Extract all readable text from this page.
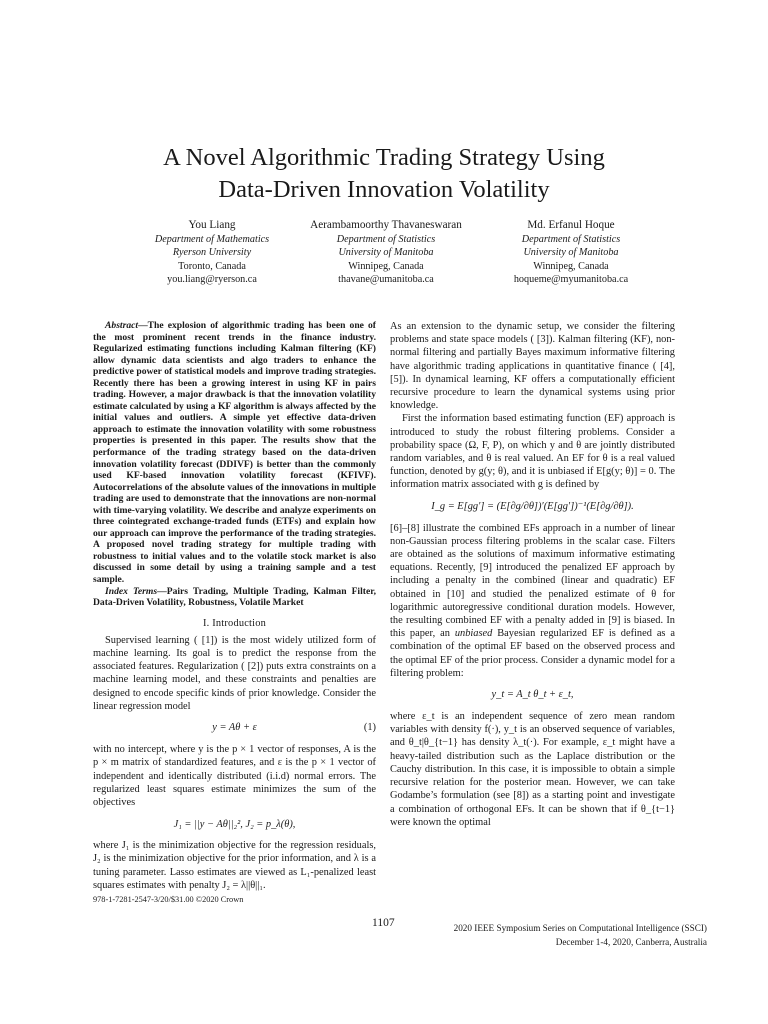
A Novel Algorithmic Trading Strategy Using
Data-Driven Innovation Volatility
You Liang
Department of Mathematics
Ryerson University
Toronto, Canada
you.liang@ryerson.ca
Aerambamoorthy Thavaneswaran
Department of Statistics
University of Manitoba
Winnipeg, Canada
thavane@umanitoba.ca
Md. Erfanul Hoque
Department of Statistics
University of Manitoba
Winnipeg, Canada
hoqueme@myumanitoba.ca

Abstract—The explosion of algorithmic trading has been one of the most prominent recent trends in the finance industry. Regularized estimating functions including Kalman filtering (KF) allow dynamic data scientists and algo traders to enhance the predictive power of statistical models and improve trading strategies. Recently there has been a growing interest in using KF in pairs trading. However, a major drawback is that the innovation volatility estimate calculated by using a KF algorithm is always affected by the initial values and outliers. A simple yet effective data-driven approach to estimate the innovation volatility with some robustness properties is presented in this paper. The results show that the performance of the trading strategy based on the data-driven innovation volatility forecast (DDIVF) is better than the commonly used KF-based innovation volatility forecast (KFIVF). Autocorrelations of the absolute values of the innovations in multiple trading are used to demonstrate that the innovations are non-normal with time-varying volatility. We describe and analyze experiments on three cointegrated exchange-traded funds (ETFs) and explain how our approach can improve the performance of the trading strategies. A proposed novel trading strategy for multiple trading with robustness to initial values and to the volatile stock market is also discussed in some detail by using a training sample and a test sample.

Index Terms—Pairs Trading, Multiple Trading, Kalman Filter, Data-Driven Volatility, Robustness, Volatile Market

I. Introduction

Supervised learning ( [1]) is the most widely utilized form of machine learning. Its goal is to predict the response from the associated features. Regularization ( [2]) puts extra constraints on a machine learning model, and these constraints and penalties are designed to encode specific kinds of prior knowledge. Consider the linear regression model

y = Aθ + ε	(1)

with no intercept, where y is the p × 1 vector of responses, A is the p × m matrix of standardized features, and ε is the p × 1 vector of independent and identically distributed (i.i.d) normal errors. The regularized least squares estimate minimizes the sum of the objectives

J₁ = ||y − Aθ||₂², J₂ = p_λ(θ),

where J₁ is the minimization objective for the regression residuals, J₂ is the minimization objective for the prior information, and λ is a tuning parameter. Lasso estimates are viewed as L₁-penalized least squares estimates with penalty J₂ = λ||θ||₁.

978-1-7281-2547-3/20/$31.00 ©2020 Crown

As an extension to the dynamic setup, we consider the filtering problems and state space models ( [3]). Kalman filtering (KF), non-normal filtering and partially Bayes maximum informative filtering have algorithmic trading applications in quantitative finance ( [4], [5]). In dynamical learning, KF offers a computationally efficient recursive procedure to learn the dynamical systems using prior knowledge.

First the information based estimating function (EF) approach is introduced to study the robust filtering problems. Consider a probability space (Ω, F, P), on which y and θ are jointly distributed random variables, and θ is real valued. An EF for θ is a real valued function, denoted by g(y; θ), and it is unbiased if E[g(y; θ)] = 0. The information matrix associated with g is defined by

I_g = E[gg′] = (E[∂g/∂θ])′(E[gg′])⁻¹(E[∂g/∂θ]).

[6]–[8] illustrate the combined EFs approach in a number of linear non-Gaussian process filtering problems in the scalar case. Filters are obtained as the solutions of maximum informative estimating equations. Recently, [9] introduced the penalized EF approach by including a penalty in the combined (linear and quadratic) EF obtained in [10] and studied the penalized estimate of θ for logarithmic autoregressive conditional duration models. However, the resulting combined EF with a penalty added in [9] is biased. In this paper, an unbiased Bayesian regularized EF is defined as a combination of the optimal EF based on the observed process and the optimal EF of the prior process. Consider a dynamic model for a filtering problem:

y_t = A_t θ_t + ε_t,

where ε_t is an independent sequence of zero mean random variables with density f(·), y_t is an observed sequence of variables, and θ_t|θ_{t−1} has density λ_t(·). For example, ε_t might have a heavy-tailed distribution such as the Laplace distribution or the Cauchy distribution. In this case, it is impossible to obtain a simple recursive relation for the posterior mean. However, we can take Godambe’s formulation (see [8]) as a starting point and investigate a combination of orthogonal EFs. It can be shown that if θ_{t−1} were known the optimal

1107	2020 IEEE Symposium Series on Computational Intelligence (SSCI)
December 1-4, 2020, Canberra, Australia
